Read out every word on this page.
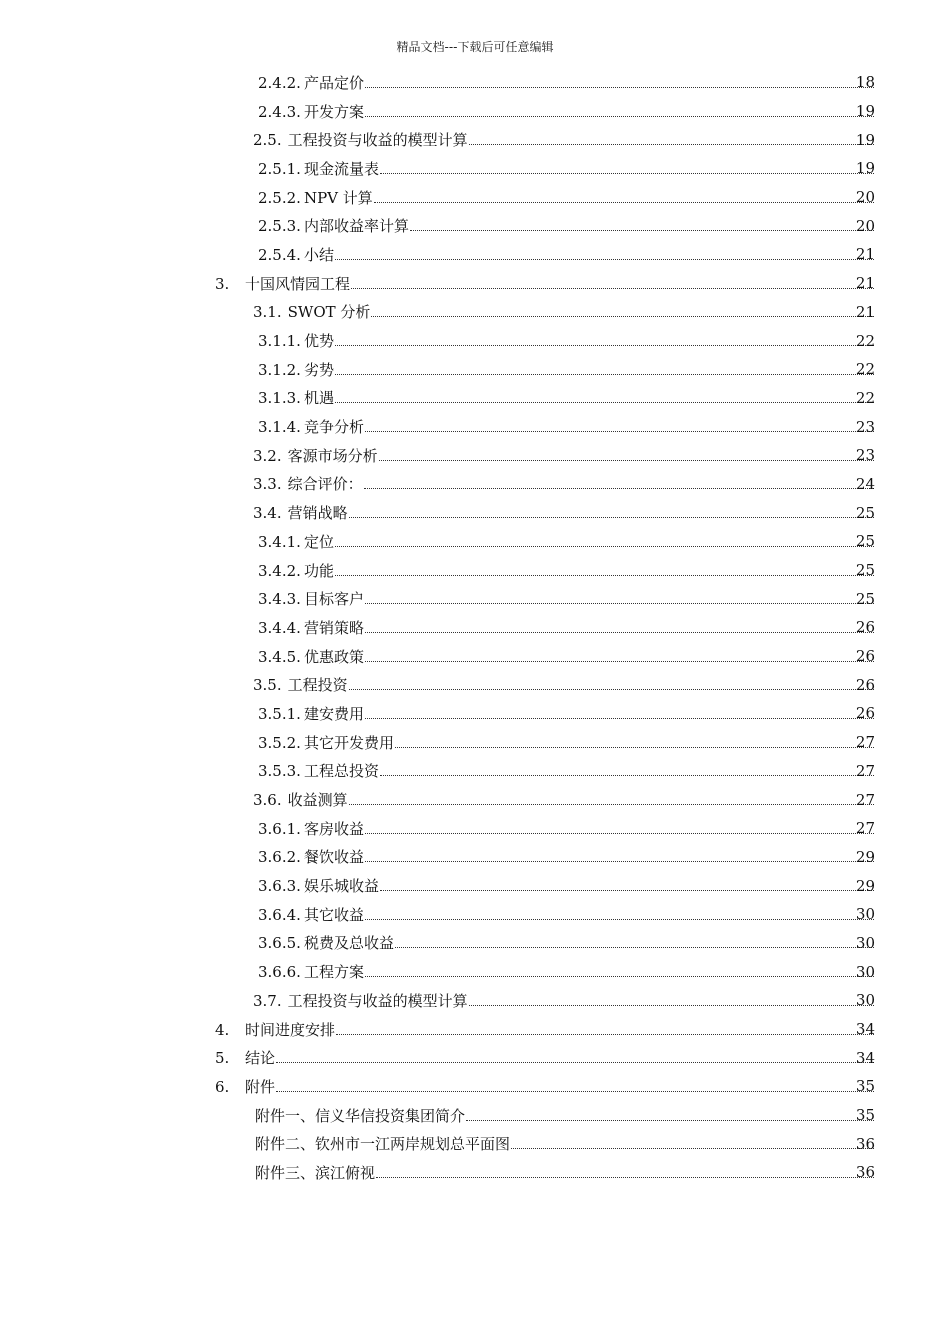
精品文档---下载后可任意编辑
2.4.2. 产品定价	18
2.4.3. 开发方案	19
2.5. 工程投资与收益的模型计算	19
2.5.1. 现金流量表	19
2.5.2. NPV 计算	20
2.5.3. 内部收益率计算	20
2.5.4. 小结	21
3.	十国风情园工程	21
3.1. SWOT 分析	21
3.1.1. 优势	22
3.1.2. 劣势	22
3.1.3. 机遇	22
3.1.4. 竞争分析	23
3.2. 客源市场分析	23
3.3. 综合评价：	24
3.4. 营销战略	25
3.4.1. 定位	25
3.4.2. 功能	25
3.4.3. 目标客户	25
3.4.4. 营销策略	26
3.4.5. 优惠政策	26
3.5. 工程投资	26
3.5.1. 建安费用	26
3.5.2. 其它开发费用	27
3.5.3. 工程总投资	27
3.6. 收益测算	27
3.6.1. 客房收益	27
3.6.2. 餐饮收益	29
3.6.3. 娱乐城收益	29
3.6.4. 其它收益	30
3.6.5. 税费及总收益	30
3.6.6. 工程方案	30
3.7. 工程投资与收益的模型计算	30
4.	时间进度安排	34
5.	结论	34
6.	附件	35
附件一、信义华信投资集团简介	35
附件二、钦州市一江两岸规划总平面图	36
附件三、滨江俯视	36
